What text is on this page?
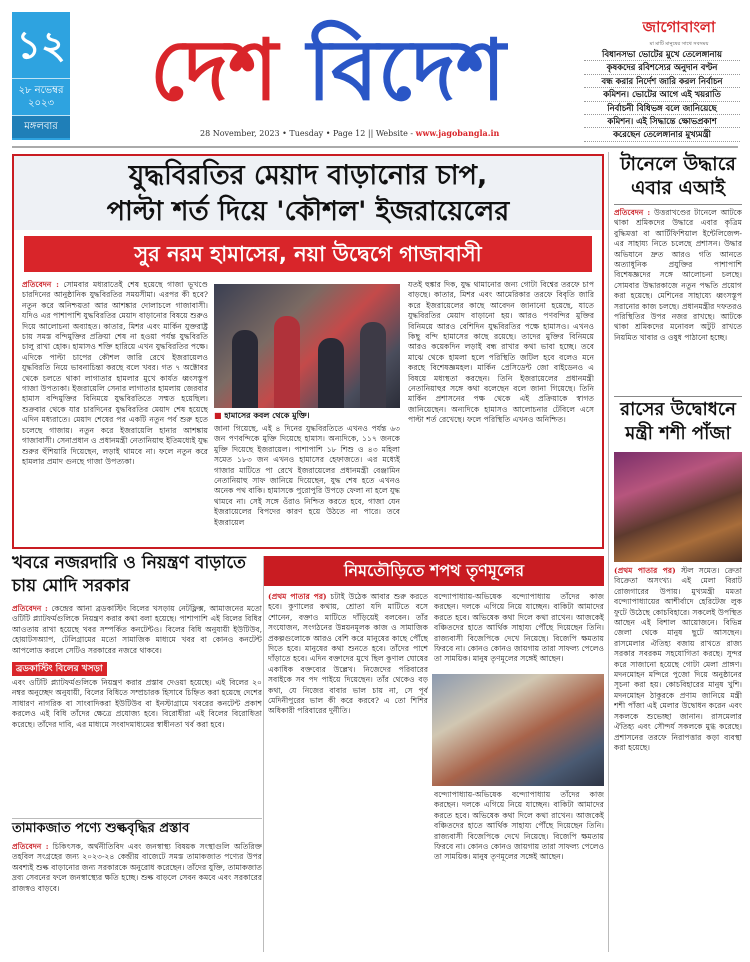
১২
২৮ নভেম্বর ২০২৩
মঙ্গলবার
দেশ বিদেশ
28 November, 2023 • Tuesday • Page 12 || Website - www.jagobangla.in
জাগোবাংলা
মা মাটি মানুষের সাথে সবসময়
বিধানসভা ভোটের মুখে তেলেঙ্গানায়
কৃষকদের রবিশস্যের অনুদান বণ্টন
বন্ধ করার নির্দেশ জারি করল নির্বাচন
কমিশন। ভোটের আগে এই খয়রাতি
নির্বাচনী বিধিভঙ্গ বলে জানিয়েছে
কমিশন। এই সিদ্ধান্তে ক্ষোভপ্রকাশ
করেছেন তেলেঙ্গানার মুখ্যমন্ত্রী
যুদ্ধবিরতির মেয়াদ বাড়ানোর চাপ,
পাল্টা শর্ত দিয়ে 'কৌশল' ইজরায়েলের
সুর নরম হামাসের, নয়া উদ্বেগে গাজাবাসী
প্রতিবেদন : সোমবার মধ্যরাতেই শেষ হয়েছে গাজা ভূখণ্ডে চারদিনের আনুষ্ঠানিক যুদ্ধবিরতির সময়সীমা। এরপর কী হবে? নতুন করে অনিশ্চয়তা আর আশঙ্কার দোলাচলে গাজাবাসী। যদিও এর পাশাপাশি যুদ্ধবিরতির মেয়াদ বাড়ানোর বিষয়ে শুরুও দিয়ে আলোচনা অব্যাহত। কাতার, মিশর এবং মার্কিন যুক্তরাষ্ট্র চায় সমস্ত বন্দিমুক্তির প্রক্রিয়া শেষ না হওয়া পর্যন্ত যুদ্ধবিরতি চালু রাখা হোক। হামাসও শক্তি হারিয়ে এখন যুদ্ধবিরতির পক্ষে। এদিকে পাল্টা চাপের কৌশল জারি রেখে ইজরায়েলও যুদ্ধবিরতি নিয়ে ভাবনাচিন্তা করছে বলে খবর। গত ৭ অক্টোবর থেকে চলতে থাকা লাগাতার হামলার মুখে কার্যত ধ্বংসস্তূপ গাজা উপত্যকা। ইজরায়েলি সেনার লাগাতার হামলায় জেরবার হামাস বন্দিমুক্তির বিনিময়ে যুদ্ধবিরতিতে সম্মত হয়েছিল। শুক্রবার থেকে যার চারদিনের যুদ্ধবিরতির মেয়াদ শেষ হয়েছে এদিন মধ্যরাতে। মেয়াদ শেষের পর একটি নতুন পর্ব শুরু হতে চলেছে গাজায়। নতুন করে ইজরায়েলি হানার আশঙ্কায় গাজাবাসী। সেনাপ্রধান ও প্রধানমন্ত্রী নেতানিয়াহু ইতিমধ্যেই যুদ্ধ শুরুর হুঁশিয়ারি দিয়েছেন, লড়াই থামবে না। ফলে নতুন করে হামলার প্রমাদ গুনছে গাজা উপত্যকা।
■ হামাসের কবল থেকে মুক্তি।
জানা গিয়েছে, এই ৪ দিনের যুদ্ধবিরতিতে এখনও পর্যন্ত ৬৩ জন পণবন্দিকে মুক্তি দিয়েছে হামাস। অন্যদিকে, ১১৭ জনকে মুক্তি দিয়েছে ইজরায়েল। পাশাপাশি ১৮ শিশু ও ৪৩ মহিলা সমেত ১৮৩ জন এখনও হামাসের হেফাজতে। এর মধ্যেই গাজার মাটিতে পা রেখে ইজরায়েলের প্রধানমন্ত্রী বেঞ্জামিন নেতানিয়াহু সাফ জানিয়ে দিয়েছেন, যুদ্ধ শেষ হতে এখনও অনেক পথ বাকি। হামাসকে পুরোপুরি উপড়ে ফেলা না হলে যুদ্ধ থামবে না। সেই সঙ্গে ওঁরাও নিশ্চিত করতে হবে, গাজা যেন ইজরায়েলের বিপদের কারণ হয়ে উঠতে না পারে। তবে ইজরায়েল
যতই হুঙ্কার দিক, যুদ্ধ থামানোর জন্য গোটা বিশ্বের তরফে চাপ বাড়ছে। কাতার, মিশর এবং আমেরিকার তরফে বিবৃতি জারি করে ইজরায়েলের কাছে আবেদন জানানো হয়েছে, যাতে যুদ্ধবিরতির মেয়াদ বাড়ানো হয়। আরও পণবন্দির মুক্তির বিনিময়ে আরও বেশিদিন যুদ্ধবিরতির পক্ষে হামাসও। এখনও কিছু বন্দি হামাসের কাছে রয়েছে। তাদের মুক্তির বিনিময়ে আরও কয়েকদিন লড়াই বন্ধ রাখার কথা ভাবা হচ্ছে। তবে মাঝে থেকে হামলা হলে পরিস্থিতি জটিল হবে বলেও মনে করছে বিশেষজ্ঞমহল। মার্কিন প্রেসিডেন্ট জো বাইডেনও এ বিষয়ে মধ্যস্থতা করছেন। তিনি ইজরায়েলের প্রধানমন্ত্রী নেতানিয়াহুর সঙ্গে কথা বলেছেন বলে জানা গিয়েছে। তিনি মার্কিন প্রশাসনের পক্ষ থেকে এই প্রক্রিয়াকে স্বাগত জানিয়েছেন। অন্যদিকে হামাসও আলোচনার টেবিলে এসে পাল্টা শর্ত রেখেছে। ফলে পরিস্থিতি এখনও অনিশ্চিত।
টানেলে উদ্ধারে এবার এআই
প্রতিবেদন : উত্তরাখণ্ডের টানেলে আটকে থাকা শ্রমিকদের উদ্ধারে এবার কৃত্রিম বুদ্ধিমত্তা বা আর্টিফিশিয়াল ইন্টেলিজেন্স-এর সাহায্য নিতে চলেছে প্রশাসন। উদ্ধার অভিযানে দ্রুত আরও গতি আনতে অত্যাধুনিক প্রযুক্তির পাশাপাশি বিশেষজ্ঞদের সঙ্গে আলোচনা চলছে। সোমবার উদ্ধারকাজে নতুন পদ্ধতি প্রয়োগ করা হয়েছে। মেশিনের সাহায্যে ধ্বংসস্তূপ সরানোর কাজ চলছে। প্রধানমন্ত্রীর দফতরও পরিস্থিতির উপর নজর রাখছে। আটকে থাকা শ্রমিকদের মনোবল অটুট রাখতে নিয়মিত খাবার ও ওষুধ পাঠানো হচ্ছে।
রাসের উদ্বোধনে মন্ত্রী শশী পাঁজা
(প্রথম পাতার পর) স্টল সমেত। ক্রেতা বিক্রেতা অসংখ্য। এই মেলা বিরাট রোজগারের উপায়। মুখ্যমন্ত্রী মমতা বন্দ্যোপাধ্যায়ের আশীর্বাদে হেরিটেজ লুক ফুটে উঠেছে কোচবিহারে। সকলেই উপস্থিত আছেন এই বিশাল আয়োজনে। বিভিন্ন জেলা থেকে মানুষ ছুটে আসছেন। রাসমেলার ঐতিহ্য বজায় রাখতে রাজ্য সরকার সবরকম সহযোগিতা করছে। সুন্দর করে সাজানো হয়েছে গোটা মেলা প্রাঙ্গণ। মদনমোহন মন্দিরে পুজো দিয়ে অনুষ্ঠানের সূচনা করা হয়। কোচবিহারের মানুষ খুশি। মদনমোহন ঠাকুরকে প্রণাম জানিয়ে মন্ত্রী শশী পাঁজা এই মেলার উদ্বোধন করেন এবং সকলকে শুভেচ্ছা জানান। রাসমেলার ঐতিহ্য এবং সৌন্দর্য সকলকে মুগ্ধ করেছে। প্রশাসনের তরফে নিরাপত্তার কড়া ব্যবস্থা করা হয়েছে।
খবরে নজরদারি ও নিয়ন্ত্রণ বাড়াতে চায় মোদি সরকার
প্রতিবেদন : কেন্দ্রের আনা ব্রডকাস্টিং বিলের খসড়ায় নেটফ্লিক্স, আমাজনের মতো ওটিটি প্ল্যাটফর্মগুলিকে নিয়ন্ত্রণ করার কথা বলা হয়েছে। পাশাপাশি এই বিলের বিধির আওতায় রাখা হয়েছে খবর সম্পর্কিত কনটেন্টও। বিলের বিধি অনুযায়ী ইউটিউব, হোয়াটসঅ্যাপ, টেলিগ্রামের মতো সামাজিক মাধ্যমে খবর বা কোনও কনটেন্ট আপলোড করলে সেটিও সরকারের নজরে থাকবে।
ব্রডকাস্টিং বিলের খসড়া
এবং ওটিটি প্ল্যাটফর্মগুলিকে নিয়ন্ত্রণ করার প্রস্তাব দেওয়া হয়েছে। এই বিলের ২০ নম্বর অনুচ্ছেদ অনুযায়ী, বিলের বিধিতে সম্প্রচারক হিসাবে চিহ্নিত করা হয়েছে দেশের সাধারণ নাগরিক বা সাংবাদিকরা ইউটিউব বা ইনস্টাগ্রামে খবরের কনটেন্ট প্রকাশ করলেও এই বিধি তাঁদের ক্ষেত্রে প্রযোজ্য হবে। বিরোধীরা এই বিলের বিরোধিতা করেছে। তাঁদের দাবি, এর মাধ্যমে সংবাদমাধ্যমের স্বাধীনতা খর্ব করা হবে।
তামাকজাত পণ্যে শুল্কবৃদ্ধির প্রস্তাব
প্রতিবেদন : চিকিৎসক, অর্থনীতিবিদ এবং জনস্বাস্থ্য বিষয়ক সংস্থাগুলি অতিরিক্ত তহবিল সংগ্রহের জন্য ২০২৩-২৪ কেন্দ্রীয় বাজেটে সমস্ত তামাকজাত পণ্যের উপর অবশ্যই শুল্ক বাড়ানোর জন্য সরকারকে অনুরোধ করেছেন। তাঁদের যুক্তি, তামাকজাত দ্রব্য সেবনের ফলে জনস্বাস্থ্যের ক্ষতি হচ্ছে। শুল্ক বাড়লে সেবন কমবে এবং সরকারের রাজস্বও বাড়বে।
নিমতৌড়িতে শপথ তৃণমূলের
(প্রথম পাতার পর) চটাই উঠেক আবার শুরু করতে হবে। কুণালের কথায়, শ্রোতা যদি মাটিতে বসে শোনেন, বক্তাও মাটিতে দাঁড়িয়েই বলবেন। তাঁর সংযোজন, সংগঠনের উন্নয়নমূলক কাজ ও সামাজিক প্রকল্পগুলোকে আরও বেশি করে মানুষের কাছে পৌঁছে দিতে হবে। মানুষের কথা শুনতে হবে। তাঁদের পাশে দাঁড়াতে হবে। এদিন বক্তাদের মুখে ছিল কুণাল ঘোষের একাধিক বক্তব্যের উল্লেখ। নিজেদের পরিবারের সবাইকে সব পদ পাইয়ে দিয়েছেন। তাঁর থেকেও বড় কথা, যে নিজের বাবার ভাল চায় না, সে পূর্ব মেদিনীপুরের ভাল কী করে করবে? এ তো শিশির অধিকারী পরিবারের দুর্নীতি।
বন্দ্যোপাধ্যায়-অভিষেক বন্দ্যোপাধ্যায় তাঁদের কাজ করছেন। দলকে এগিয়ে নিয়ে যাচ্ছেন। বাকিটা আমাদের করতে হবে। অভিষেক কথা দিলে কথা রাখেন। আজকেই বঞ্চিতদের হাতে আর্থিক সাহায্য পৌঁছে দিয়েছেন তিনি। রাজ্যবাসী বিজেপিকে দেখে নিয়েছে। বিজেপি ক্ষমতায় ফিরবে না। কোনও কোনও জায়গায় তারা সাফল্য পেলেও তা সাময়িক। মানুষ তৃণমূলের সঙ্গেই আছেন।
বন্দ্যোপাধ্যায়-অভিষেক বন্দ্যোপাধ্যায় তাঁদের কাজ করছেন। দলকে এগিয়ে নিয়ে যাচ্ছেন। বাকিটা আমাদের করতে হবে। অভিষেক কথা দিলে কথা রাখেন। আজকেই বঞ্চিতদের হাতে আর্থিক সাহায্য পৌঁছে দিয়েছেন তিনি। রাজ্যবাসী বিজেপিকে দেখে নিয়েছে। বিজেপি ক্ষমতায় ফিরবে না। কোনও কোনও জায়গায় তারা সাফল্য পেলেও তা সাময়িক। মানুষ তৃণমূলের সঙ্গেই আছেন।
